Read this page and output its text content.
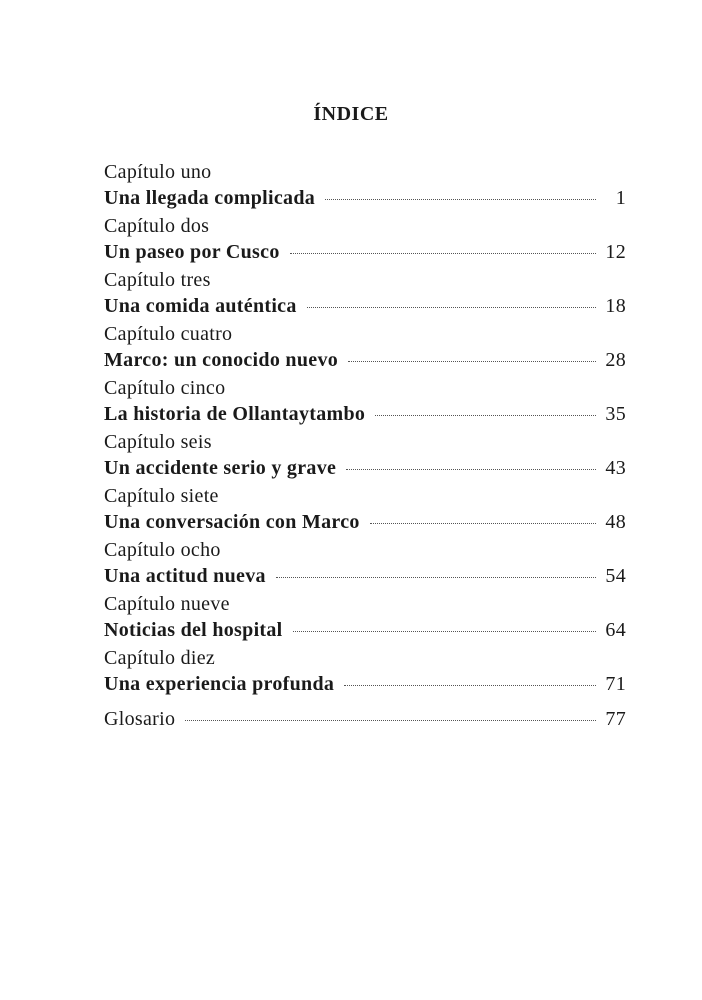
ÍNDICE
Capítulo uno
Una llegada complicada	1
Capítulo dos
Un paseo por Cusco	12
Capítulo tres
Una comida auténtica	18
Capítulo cuatro
Marco: un conocido nuevo	28
Capítulo cinco
La historia de Ollantaytambo	35
Capítulo seis
Un accidente serio y grave	43
Capítulo siete
Una conversación con Marco	48
Capítulo ocho
Una actitud nueva	54
Capítulo nueve
Noticias del hospital	64
Capítulo diez
Una experiencia profunda	71
Glosario	77
